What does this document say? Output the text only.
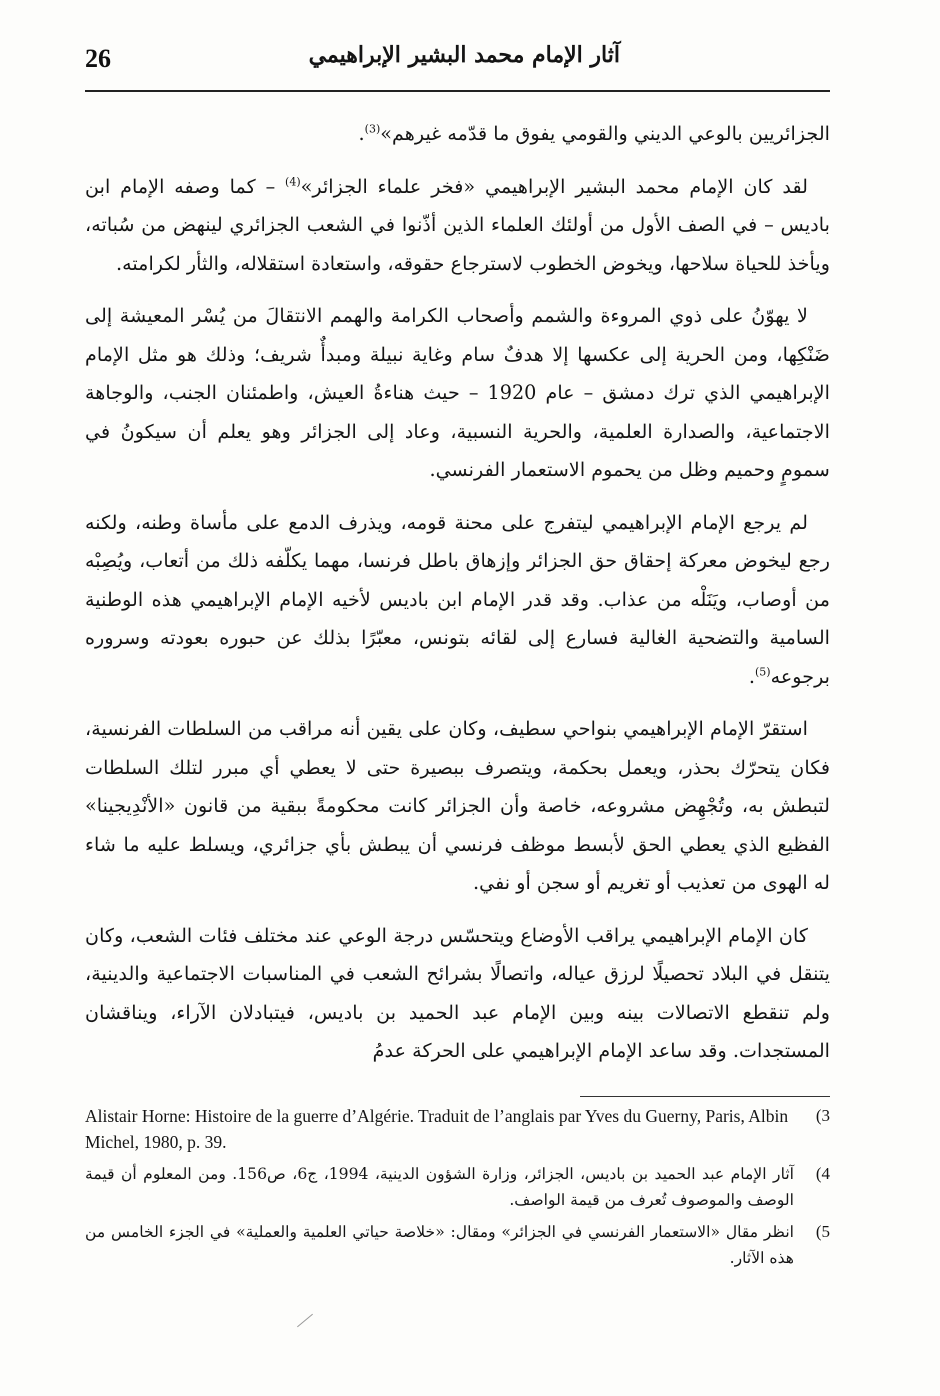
26	آثار الإمام محمد البشير الإبراهيمي

الجزائريين بالوعي الديني والقومي يفوق ما قدّمه غيرهم»$^{(3)}$.

لقد كان الإمام محمد البشير الإبراهيمي «فخر علماء الجزائر»$^{(4)}$ – كما وصفه الإمام ابن باديس – في الصف الأول من أولئك العلماء الذين أذّنوا في الشعب الجزائري لينهض من سُباته، ويأخذ للحياة سلاحها، ويخوض الخطوب لاسترجاع حقوقه، واستعادة استقلاله، والثأر لكرامته.

لا يهوّنُ على ذوي المروءة والشمم وأصحاب الكرامة والهمم الانتقالَ من يُسْر المعيشة إلى ضَنْكِها، ومن الحرية إلى عكسها إلا هدفٌ سام وغاية نبيلة ومبدأٌ شريف؛ وذلك هو مثل الإمام الإبراهيمي الذي ترك دمشق – عام 1920 – حيث هناءةُ العيش، واطمئنان الجنب، والوجاهة الاجتماعية، والصدارة العلمية، والحرية النسبية، وعاد إلى الجزائر وهو يعلم أن سيكونُ في سمومٍ وحميم وظل من يحموم الاستعمار الفرنسي.

لم يرجع الإمام الإبراهيمي ليتفرج على محنة قومه، ويذرف الدمع على مأساة وطنه، ولكنه رجع ليخوض معركة إحقاق حق الجزائر وإزهاق باطل فرنسا، مهما يكلّفه ذلك من أتعاب، ويُصِبْه من أوصاب، ويَنَلْه من عذاب. وقد قدر الإمام ابن باديس لأخيه الإمام الإبراهيمي هذه الوطنية السامية والتضحية الغالية فسارع إلى لقائه بتونس، معبّرًا بذلك عن حبوره بعودته وسروره برجوعه$^{(5)}$.

استقرّ الإمام الإبراهيمي بنواحي سطيف، وكان على يقين أنه مراقب من السلطات الفرنسية، فكان يتحرّك بحذر، ويعمل بحكمة، ويتصرف ببصيرة حتى لا يعطي أي مبرر لتلك السلطات لتبطش به، وتُجْهِض مشروعه، خاصة وأن الجزائر كانت محكومةً ببقية من قانون «الأنْدِيجينا» الفظيع الذي يعطي الحق لأبسط موظف فرنسي أن يبطش بأي جزائري، ويسلط عليه ما شاء له الهوى من تعذيب أو تغريم أو سجن أو نفي.

كان الإمام الإبراهيمي يراقب الأوضاع ويتحسّس درجة الوعي عند مختلف فئات الشعب، وكان يتنقل في البلاد تحصيلًا لرزق عياله، واتصالًا بشرائح الشعب في المناسبات الاجتماعية والدينية، ولم تنقطع الاتصالات بينه وبين الإمام عبد الحميد بن باديس، فيتبادلان الآراء، ويناقشان المستجدات. وقد ساعد الإمام الإبراهيمي على الحركة عدمُ

(3
Alistair Horne: Histoire de la guerre d’Algérie. Traduit de l’anglais par Yves du Guerny, Paris, Albin Michel, 1980, p. 39.
(4
آثار الإمام عبد الحميد بن باديس، الجزائر، وزارة الشؤون الدينية، 1994، ج6، ص156. ومن المعلوم أن قيمة الوصف والموصوف تُعرف من قيمة الواصف.
(5
انظر مقال «الاستعمار الفرنسي في الجزائر» ومقال: «خلاصة حياتي العلمية والعملية» في الجزء الخامس من هذه الآثار.
